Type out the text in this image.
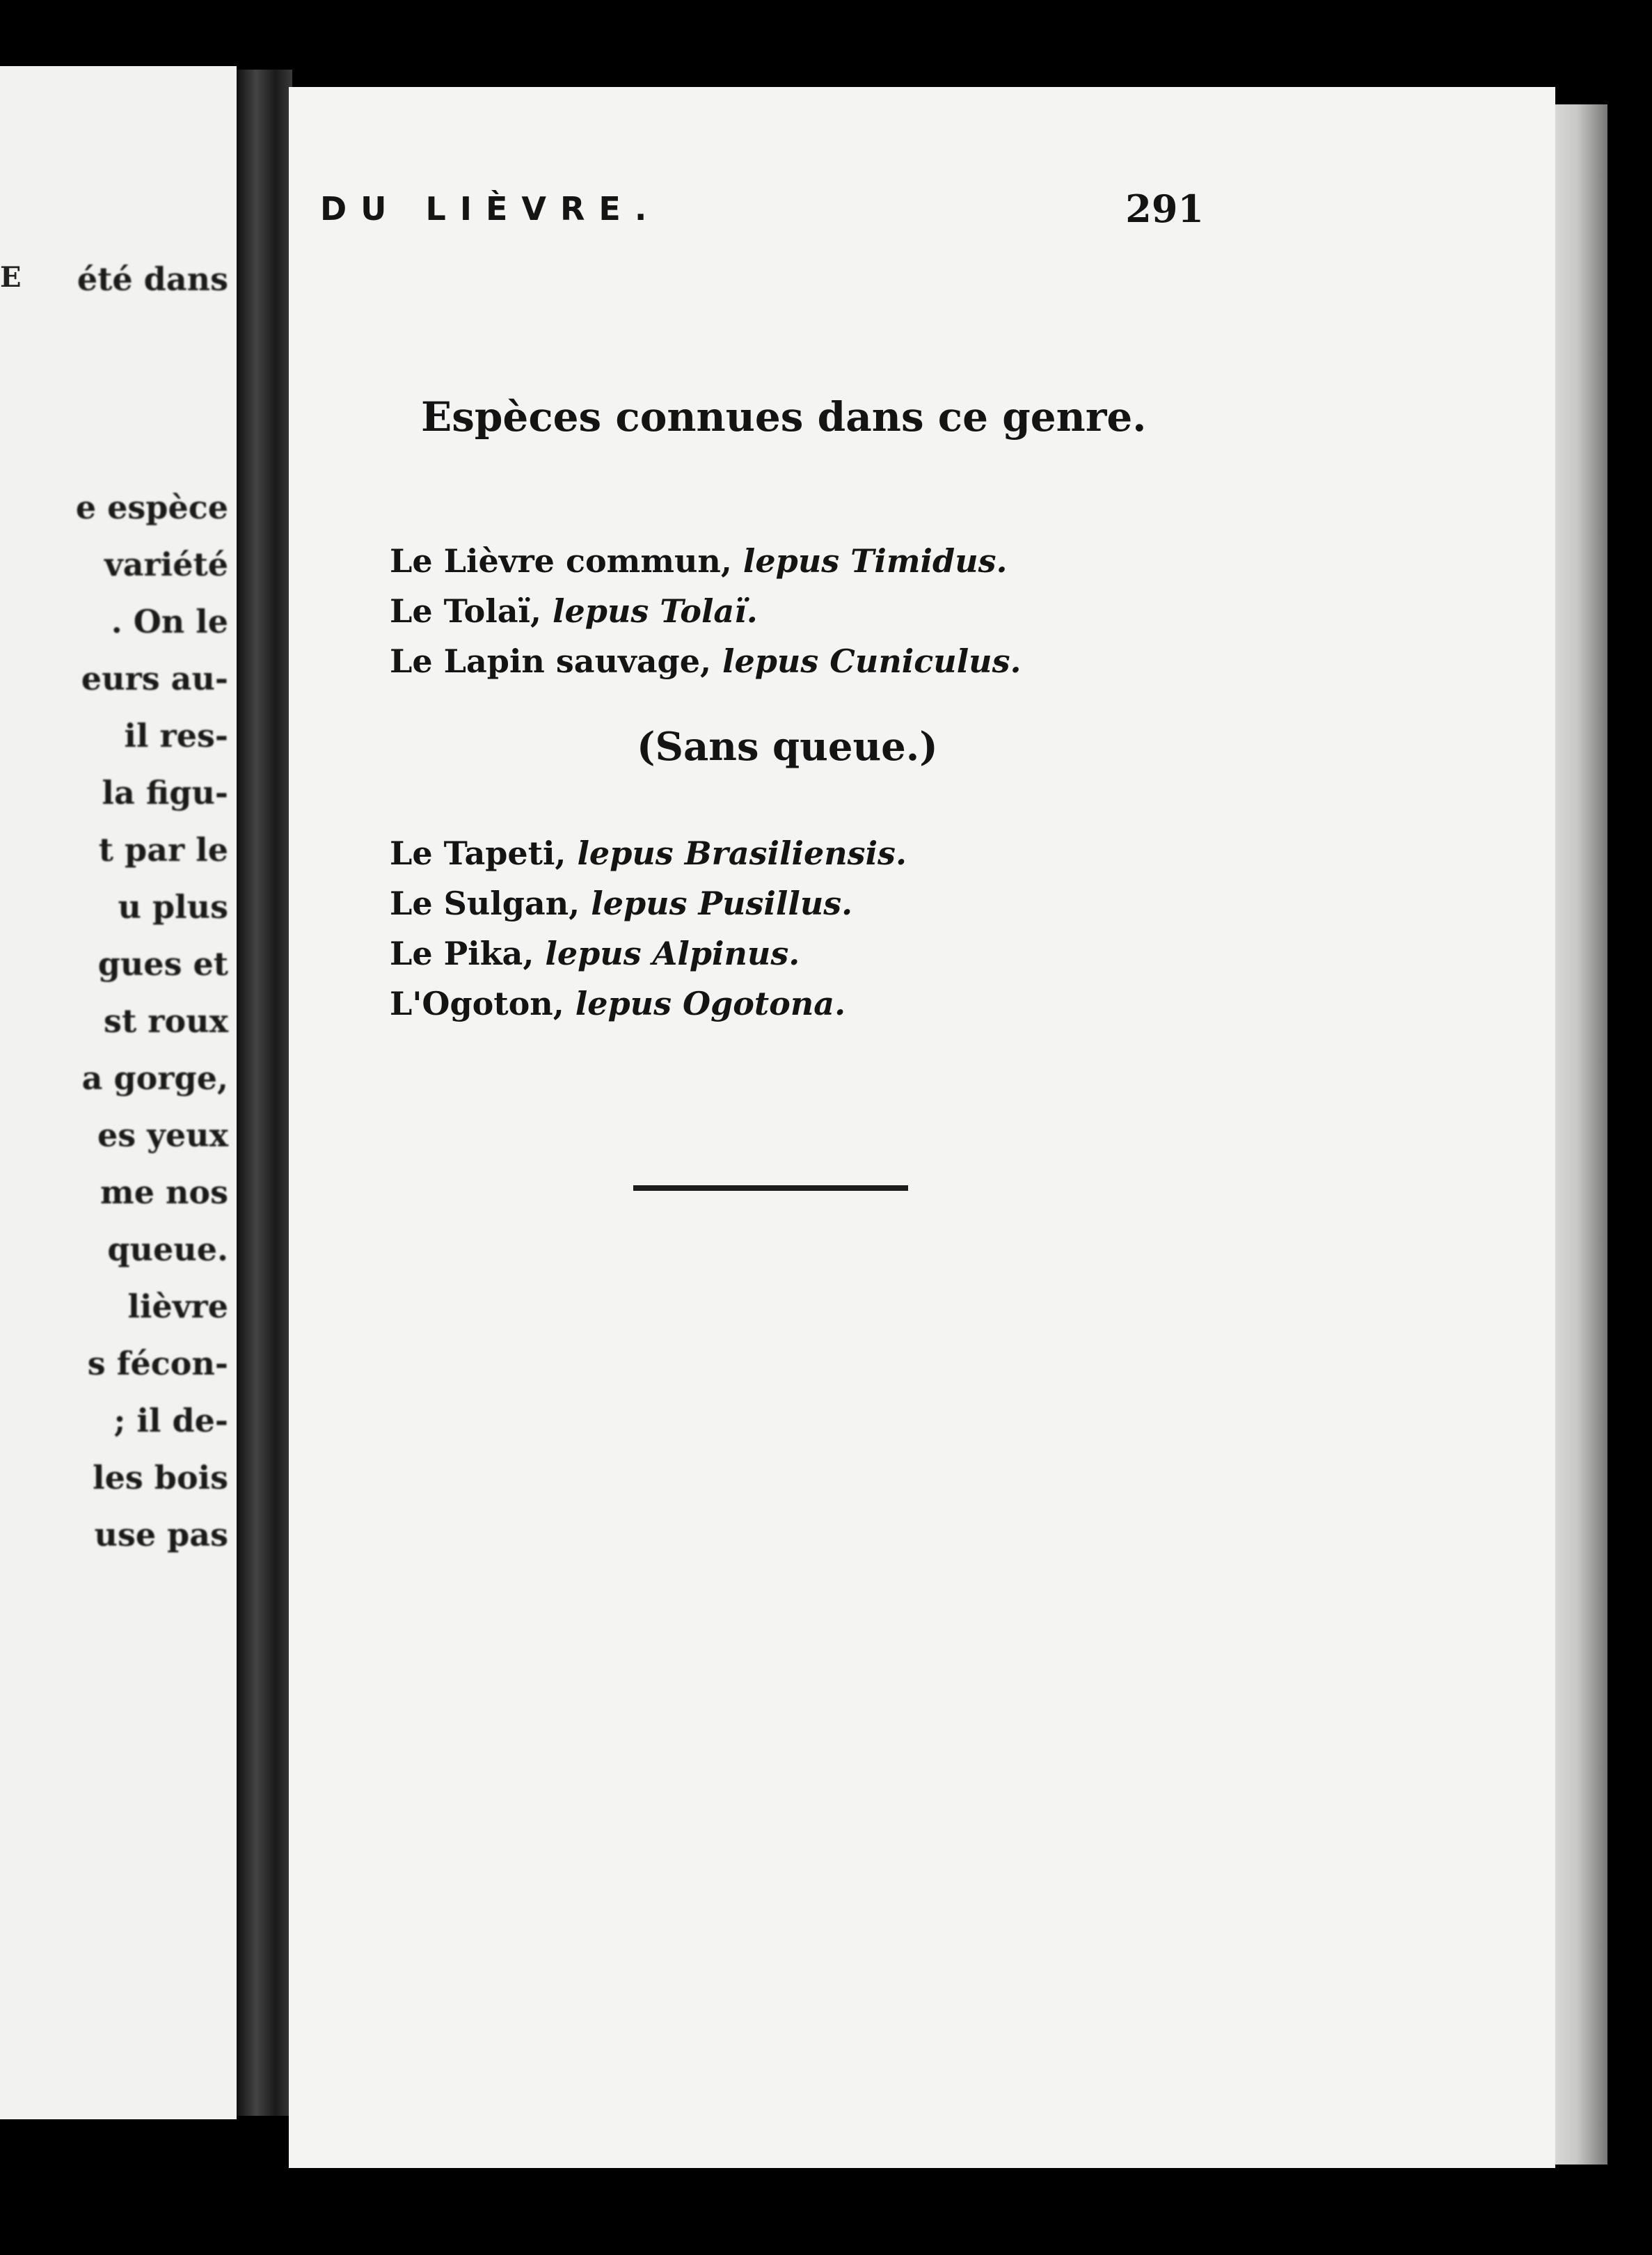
E été dans
e espèce
variété
. On le
eurs au-
il res-
la figu-
t par le
u plus
gues et
st roux
a gorge,
es yeux
me nos
queue.
lièvre
s fécon-
; il de-
les bois
use pas
DU LIÈVRE.	291
Espèces connues dans ce genre.
Le Lièvre commun, lepus Timidus.
Le Tolaï, lepus Tolaï.
Le Lapin sauvage, lepus Cuniculus.
(Sans queue.)
Le Tapeti, lepus Brasiliensis.
Le Sulgan, lepus Pusillus.
Le Pika, lepus Alpinus.
L'Ogoton, lepus Ogotona.
